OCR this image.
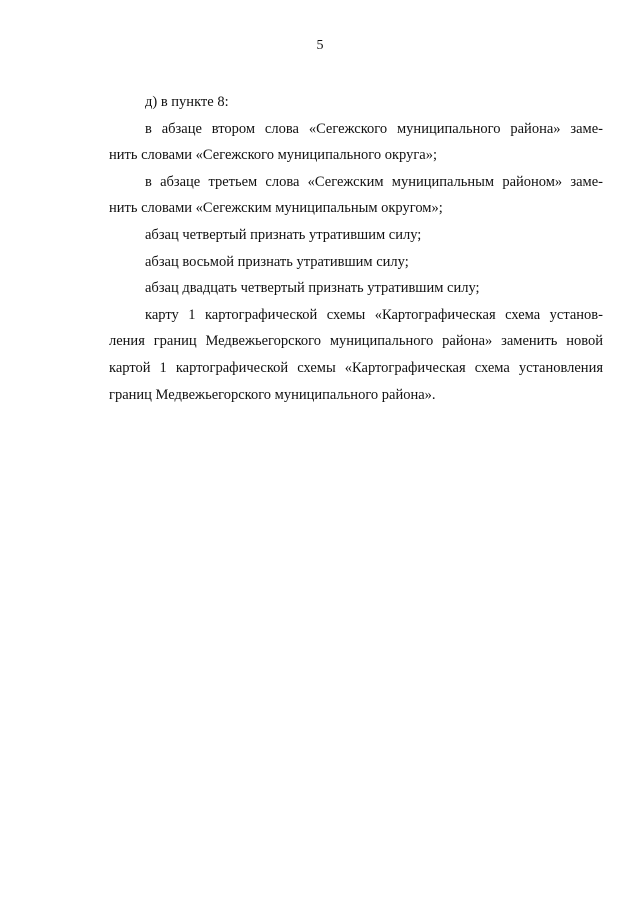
5
д) в пункте 8:
в абзаце втором слова «Сегежского муниципального района» заме-
нить словами «Сегежского муниципального округа»;
в абзаце третьем слова «Сегежским муниципальным районом» заме-
нить словами «Сегежским муниципальным округом»;
абзац четвертый признать утратившим силу;
абзац восьмой признать утратившим силу;
абзац двадцать четвертый признать утратившим силу;
карту 1 картографической схемы «Картографическая схема установ-
ления границ Медвежьегорского муниципального района» заменить новой
картой 1 картографической схемы «Картографическая схема установления
границ Медвежьегорского муниципального района».
